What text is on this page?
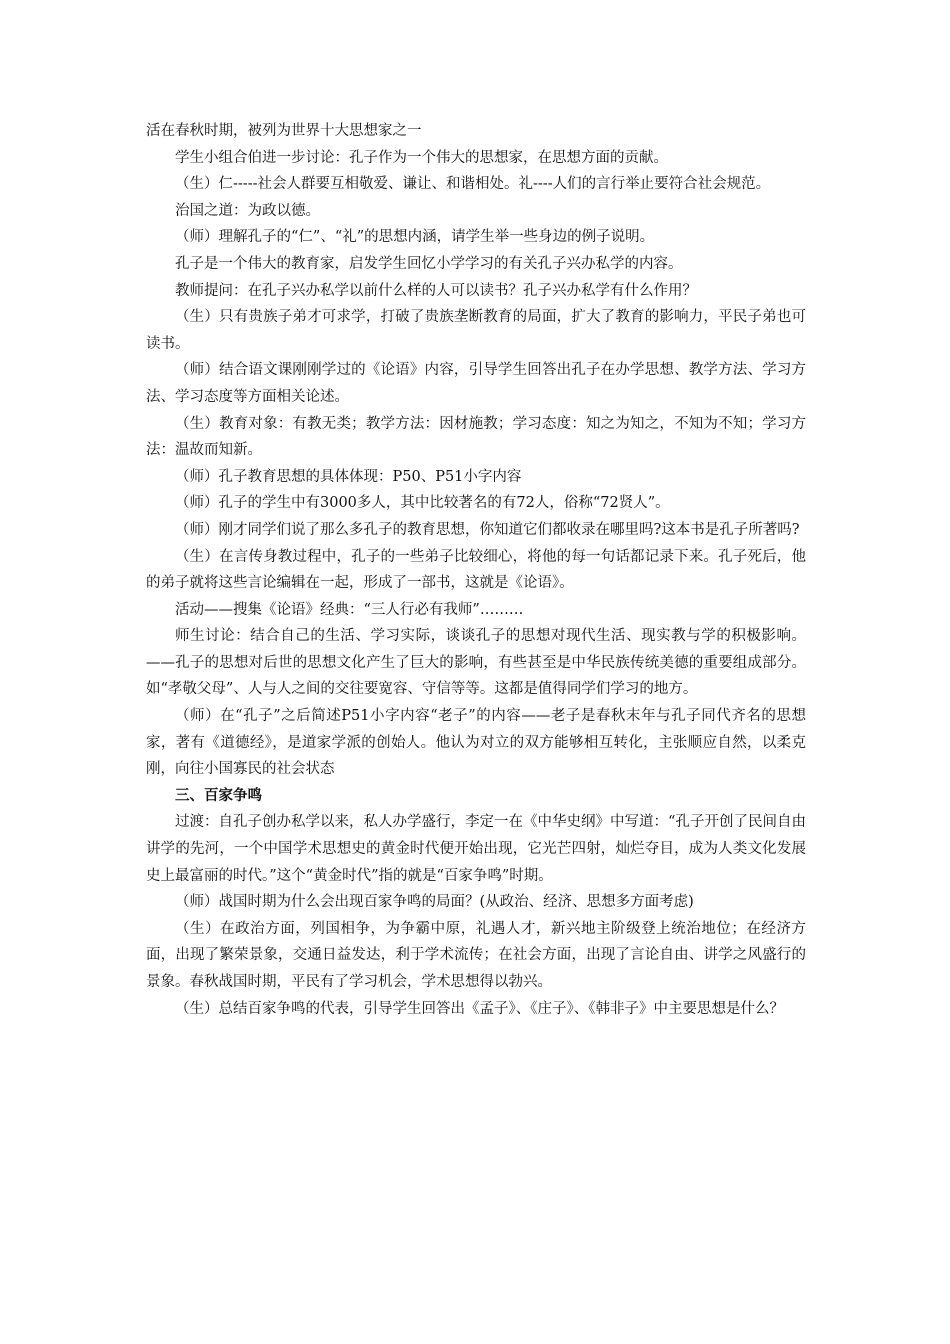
活在春秋时期，被列为世界十大思想家之一

学生小组合伯进一步讨论：孔子作为一个伟大的思想家，在思想方面的贡献。

（生）仁-----社会人群要互相敬爱、谦让、和谐相处。礼----人们的言行举止要符合社会规范。

治国之道：为政以德。

（师）理解孔子的“仁”、“礼”的思想内涵，请学生举一些身边的例子说明。

孔子是一个伟大的教育家，启发学生回忆小学学习的有关孔子兴办私学的内容。

教师提问：在孔子兴办私学以前什么样的人可以读书？孔子兴办私学有什么作用？

（生）只有贵族子弟才可求学，打破了贵族垄断教育的局面，扩大了教育的影响力，平民子弟也可读书。

（师）结合语文课刚刚学过的《论语》内容，引导学生回答出孔子在办学思想、教学方法、学习方法、学习态度等方面相关论述。

（生）教育对象：有教无类；教学方法：因材施教；学习态度：知之为知之，不知为不知；学习方法：温故而知新。

（师）孔子教育思想的具体体现：P50、P51小字内容

（师）孔子的学生中有3000多人，其中比较著名的有72人，俗称“72贤人”。

（师）刚才同学们说了那么多孔子的教育思想，你知道它们都收录在哪里吗?这本书是孔子所著吗?

（生）在言传身教过程中，孔子的一些弟子比较细心，将他的每一句话都记录下来。孔子死后，他的弟子就将这些言论编辑在一起，形成了一部书，这就是《论语》。

活动——搜集《论语》经典：“三人行必有我师”………

师生讨论：结合自己的生活、学习实际，谈谈孔子的思想对现代生活、现实教与学的积极影响。——孔子的思想对后世的思想文化产生了巨大的影响，有些甚至是中华民族传统美德的重要组成部分。如“孝敬父母”、人与人之间的交往要宽容、守信等等。这都是值得同学们学习的地方。

（师）在“孔子”之后简述P51小字内容“老子”的内容——老子是春秋末年与孔子同代齐名的思想家，著有《道德经》，是道家学派的创始人。他认为对立的双方能够相互转化，主张顺应自然，以柔克刚，向往小国寡民的社会状态

三、百家争鸣

过渡：自孔子创办私学以来，私人办学盛行，李定一在《中华史纲》中写道：“孔子开创了民间自由讲学的先河，一个中国学术思想史的黄金时代便开始出现，它光芒四射，灿烂夺目，成为人类文化发展史上最富丽的时代。”这个“黄金时代”指的就是“百家争鸣”时期。

（师）战国时期为什么会出现百家争鸣的局面？(从政治、经济、思想多方面考虑)

（生）在政治方面，列国相争，为争霸中原，礼遇人才，新兴地主阶级登上统治地位；在经济方面，出现了繁荣景象，交通日益发达，利于学术流传；在社会方面，出现了言论自由、讲学之风盛行的景象。春秋战国时期，平民有了学习机会，学术思想得以勃兴。

（生）总结百家争鸣的代表，引导学生回答出《孟子》、《庄子》、《韩非子》中主要思想是什么？
